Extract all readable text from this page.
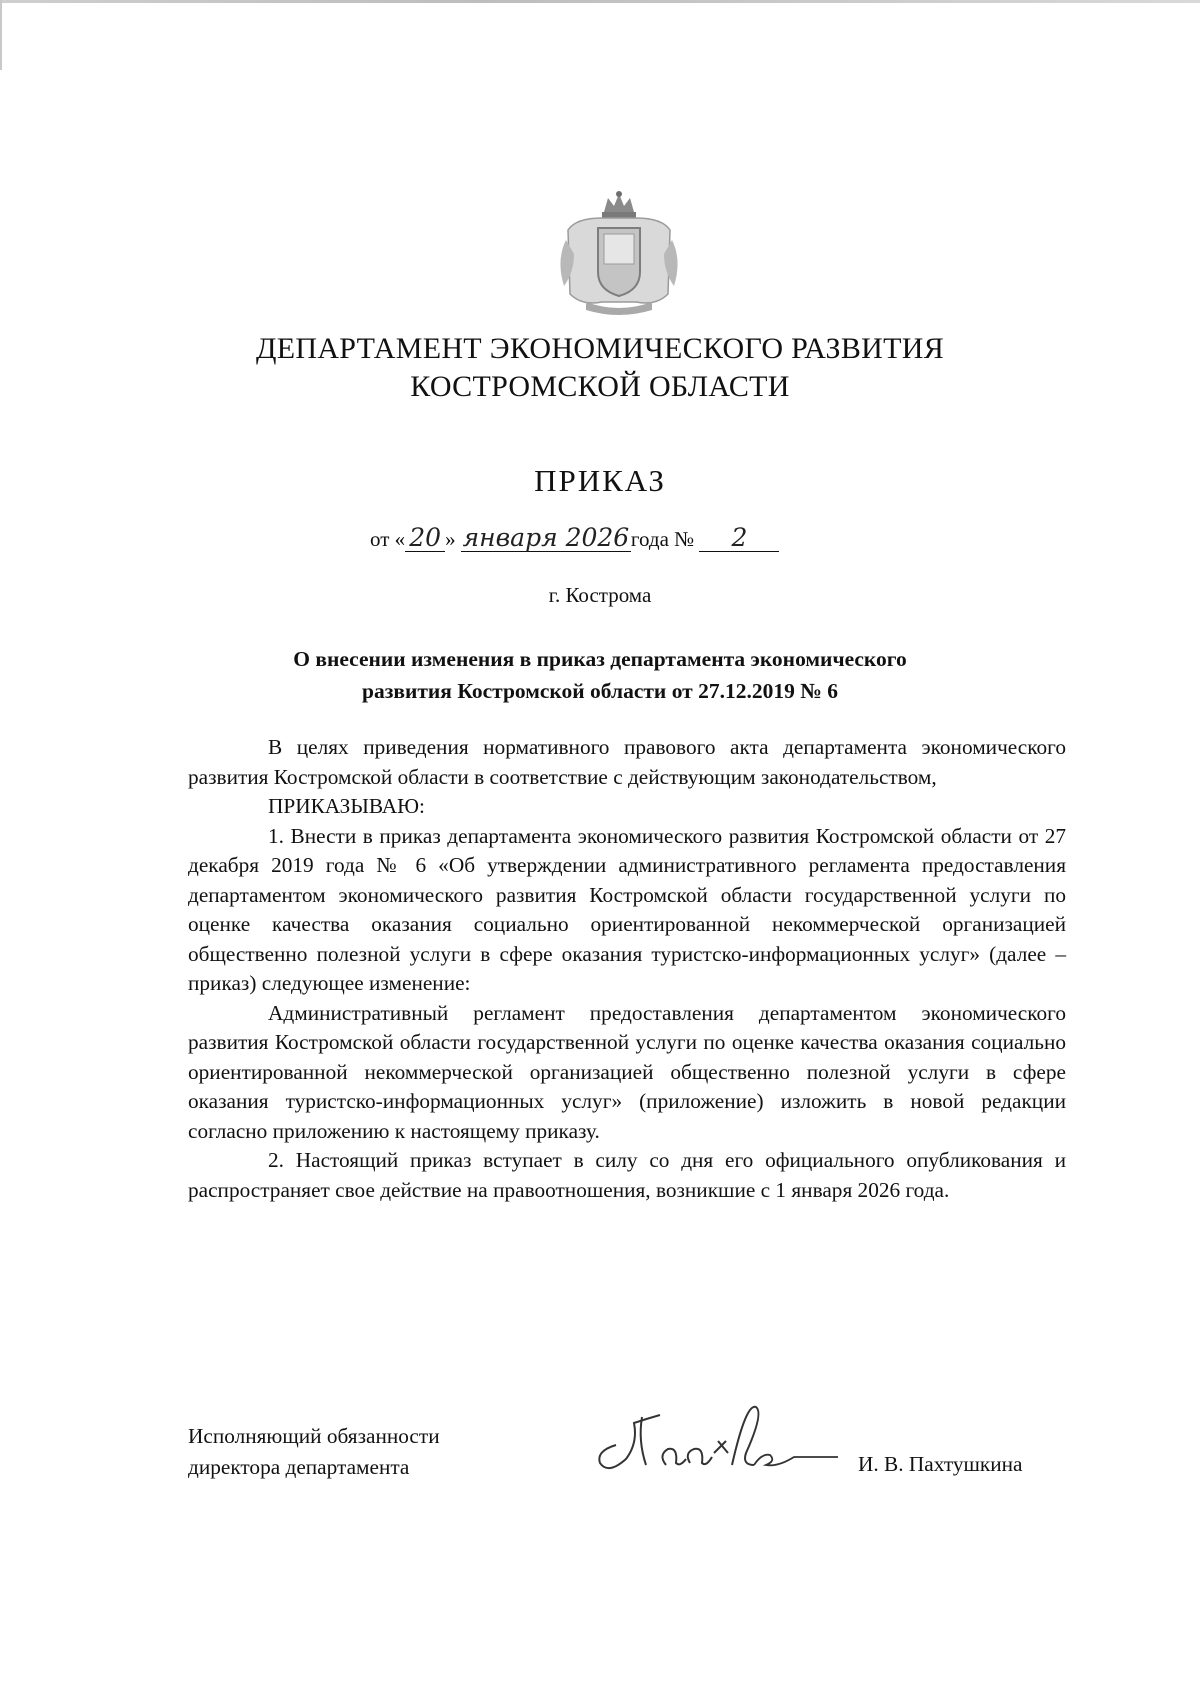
ДЕПАРТАМЕНТ ЭКОНОМИЧЕСКОГО РАЗВИТИЯ
КОСТРОМСКОЙ ОБЛАСТИ
ПРИКАЗ
от « 20 » января 2026года № 2
г. Кострома
О внесении изменения в приказ департамента экономического
развития Костромской области от 27.12.2019 № 6

В целях приведения нормативного правового акта департамента экономического развития Костромской области в соответствие с действующим законодательством,

ПРИКАЗЫВАЮ:

1. Внести в приказ департамента экономического развития Костромской области от 27 декабря 2019 года № 6 «Об утверждении административного регламента предоставления департаментом экономического развития Костромской области государственной услуги по оценке качества оказания социально ориентированной некоммерческой организацией общественно полезной услуги в сфере оказания туристско-информационных услуг» (далее – приказ) следующее изменение:

Административный регламент предоставления департаментом экономического развития Костромской области государственной услуги по оценке качества оказания социально ориентированной некоммерческой организацией общественно полезной услуги в сфере оказания туристско-информационных услуг» (приложение) изложить в новой редакции согласно приложению к настоящему приказу.

2. Настоящий приказ вступает в силу со дня его официального опубликования и распространяет свое действие на правоотношения, возникшие с 1 января 2026 года.

Исполняющий обязанности
директора департамента	И. В. Пахтушкина
